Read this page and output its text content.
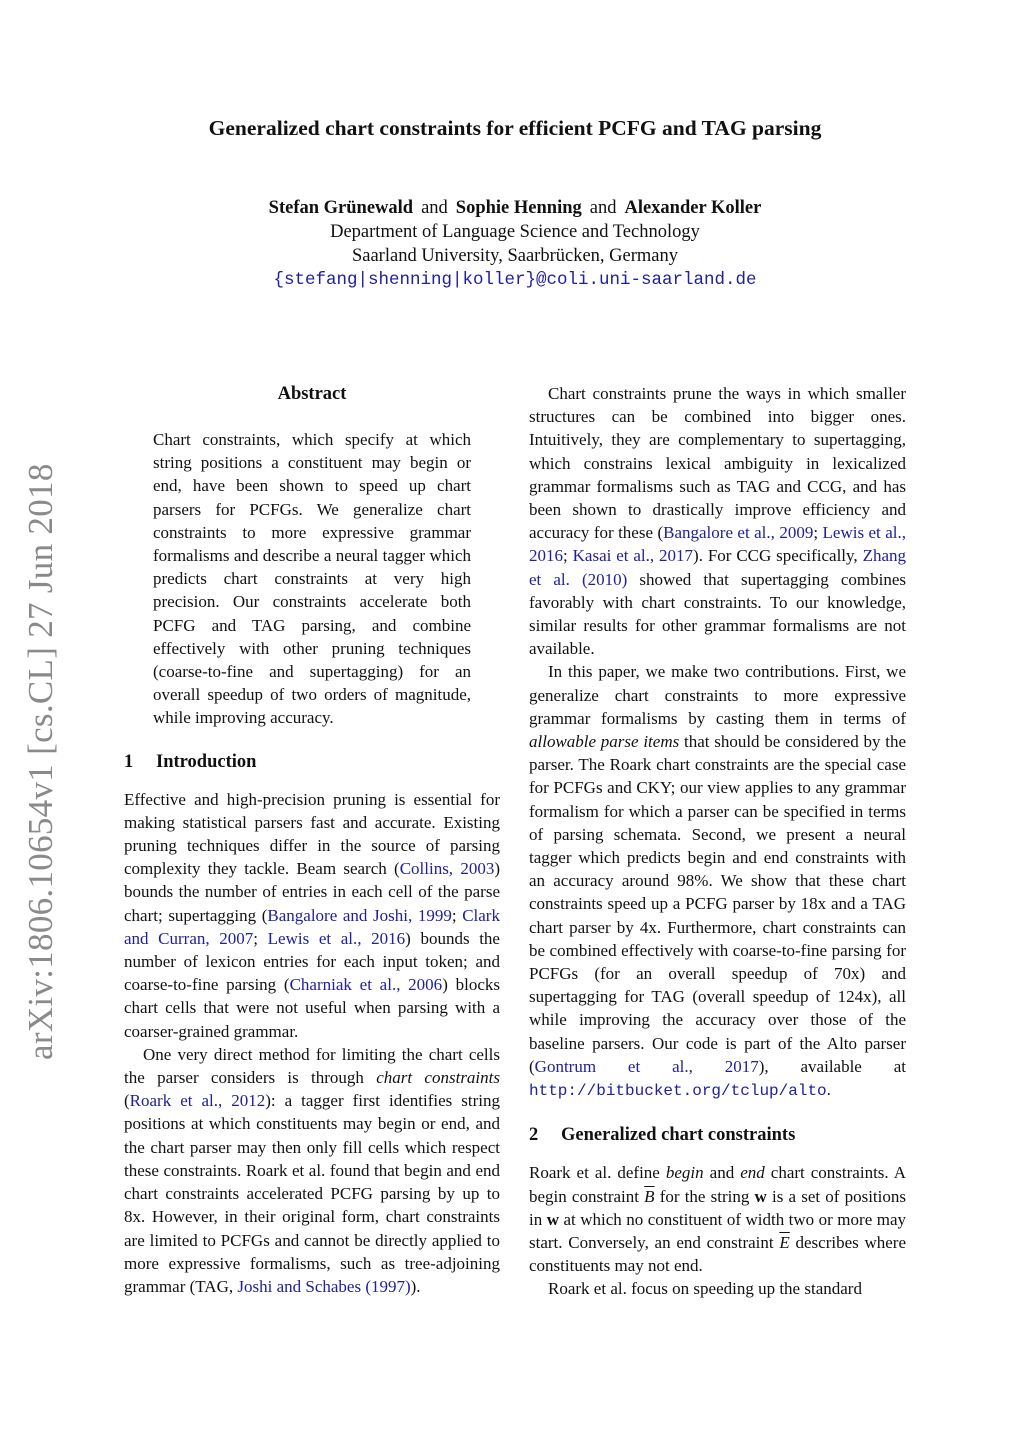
arXiv:1806.10654v1 [cs.CL] 27 Jun 2018
Generalized chart constraints for efficient PCFG and TAG parsing
Stefan Grünewald and Sophie Henning and Alexander Koller
Department of Language Science and Technology
Saarland University, Saarbrücken, Germany
{stefang|shenning|koller}@coli.uni-saarland.de
Abstract
Chart constraints, which specify at which string positions a constituent may begin or end, have been shown to speed up chart parsers for PCFGs. We generalize chart constraints to more expressive grammar formalisms and describe a neural tagger which predicts chart constraints at very high precision. Our constraints accelerate both PCFG and TAG parsing, and combine effectively with other pruning techniques (coarse-to-fine and supertagging) for an overall speedup of two orders of magnitude, while improving accuracy.
1 Introduction

Effective and high-precision pruning is essential for making statistical parsers fast and accurate. Existing pruning techniques differ in the source of parsing complexity they tackle. Beam search (Collins, 2003) bounds the number of entries in each cell of the parse chart; supertagging (Bangalore and Joshi, 1999; Clark and Curran, 2007; Lewis et al., 2016) bounds the number of lexicon entries for each input token; and coarse-to-fine parsing (Charniak et al., 2006) blocks chart cells that were not useful when parsing with a coarser-grained grammar.

One very direct method for limiting the chart cells the parser considers is through chart constraints (Roark et al., 2012): a tagger first identifies string positions at which constituents may begin or end, and the chart parser may then only fill cells which respect these constraints. Roark et al. found that begin and end chart constraints accelerated PCFG parsing by up to 8x. However, in their original form, chart constraints are limited to PCFGs and cannot be directly applied to more expressive formalisms, such as tree-adjoining grammar (TAG, Joshi and Schabes (1997)).

Chart constraints prune the ways in which smaller structures can be combined into bigger ones. Intuitively, they are complementary to supertagging, which constrains lexical ambiguity in lexicalized grammar formalisms such as TAG and CCG, and has been shown to drastically improve efficiency and accuracy for these (Bangalore et al., 2009; Lewis et al., 2016; Kasai et al., 2017). For CCG specifically, Zhang et al. (2010) showed that supertagging combines favorably with chart constraints. To our knowledge, similar results for other grammar formalisms are not available.

In this paper, we make two contributions. First, we generalize chart constraints to more expressive grammar formalisms by casting them in terms of allowable parse items that should be considered by the parser. The Roark chart constraints are the special case for PCFGs and CKY; our view applies to any grammar formalism for which a parser can be specified in terms of parsing schemata. Second, we present a neural tagger which predicts begin and end constraints with an accuracy around 98%. We show that these chart constraints speed up a PCFG parser by 18x and a TAG chart parser by 4x. Furthermore, chart constraints can be combined effectively with coarse-to-fine parsing for PCFGs (for an overall speedup of 70x) and supertagging for TAG (overall speedup of 124x), all while improving the accuracy over those of the baseline parsers. Our code is part of the Alto parser (Gontrum et al., 2017), available at http://bitbucket.org/tclup/alto.

2 Generalized chart constraints

Roark et al. define begin and end chart constraints. A begin constraint $\overline{B}$ for the string w is a set of positions in w at which no constituent of width two or more may start. Conversely, an end constraint $\overline{E}$ describes where constituents may not end.

Roark et al. focus on speeding up the standard
